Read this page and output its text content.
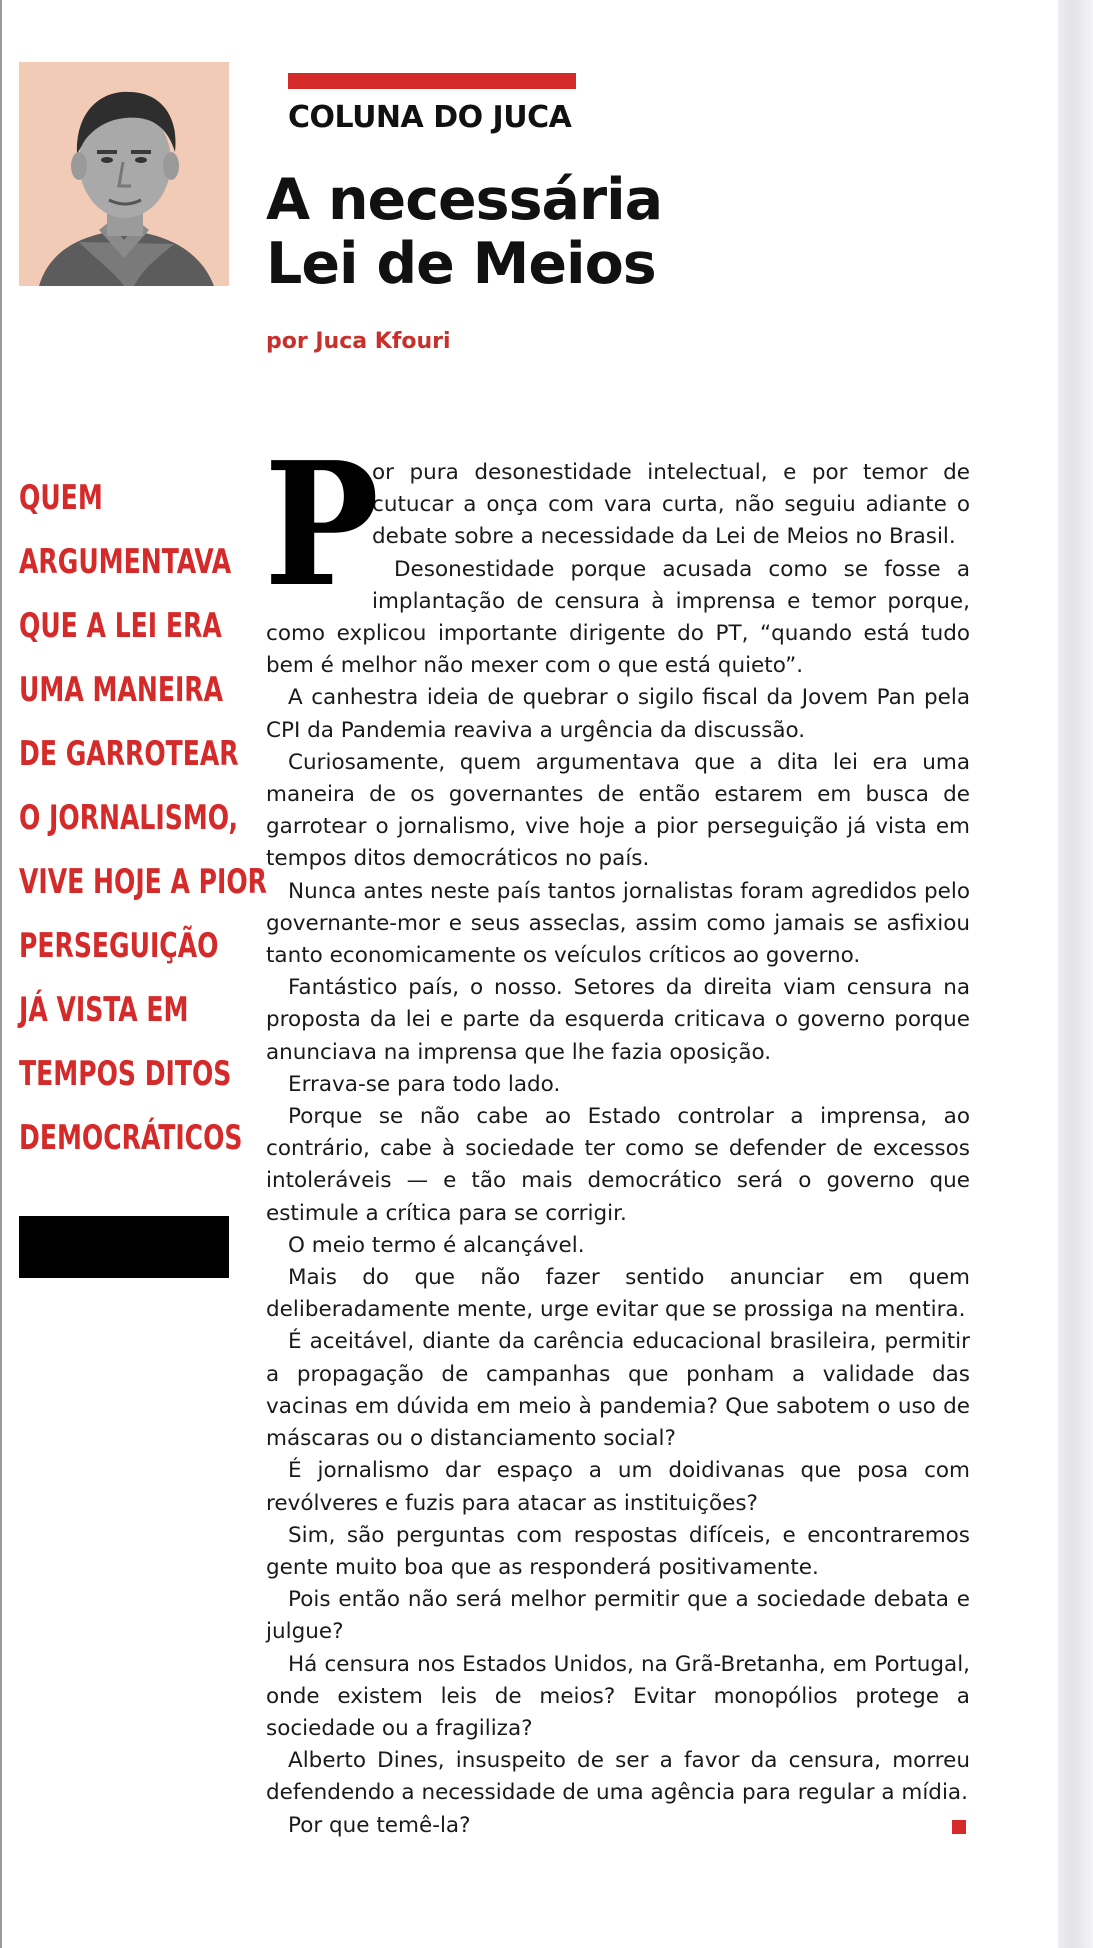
COLUNA DO JUCA
A necessária
Lei de Meios
por Juca Kfouri
QUEM
ARGUMENTAVA
QUE A LEI ERA
UMA MANEIRA
DE GARROTEAR
O JORNALISMO,
VIVE HOJE A PIOR
PERSEGUIÇÃO
JÁ VISTA EM
TEMPOS DITOS
DEMOCRÁTICOS
P

or pura desonestidade intelectual, e por temor de cutucar a onça com vara curta, não seguiu adiante o debate sobre a necessidade da Lei de Meios no Brasil.

Desonestidade porque acusada como se fosse a implantação de censura à imprensa e temor porque, como explicou importante dirigente do PT, “quando está tudo bem é melhor não mexer com o que está quieto”.

A canhestra ideia de quebrar o sigilo fiscal da Jovem Pan pela CPI da Pandemia reaviva a urgência da discussão.

Curiosamente, quem argumentava que a dita lei era uma maneira de os governantes de então estarem em busca de garrotear o jornalismo, vive hoje a pior perseguição já vista em tempos ditos democráticos no país.

Nunca antes neste país tantos jornalistas foram agredidos pelo governante-mor e seus asseclas, assim como jamais se asfixiou tanto economicamente os veículos críticos ao governo.

Fantástico país, o nosso. Setores da direita viam censura na proposta da lei e parte da esquerda criticava o governo porque anunciava na imprensa que lhe fazia oposição.

Errava-se para todo lado.

Porque se não cabe ao Estado controlar a imprensa, ao contrário, cabe à sociedade ter como se defender de excessos intoleráveis — e tão mais democrático será o governo que estimule a crítica para se corrigir.

O meio termo é alcançável.

Mais do que não fazer sentido anunciar em quem deliberadamente mente, urge evitar que se prossiga na mentira.

É aceitável, diante da carência educacional brasileira, permitir a propagação de campanhas que ponham a validade das vacinas em dúvida em meio à pandemia? Que sabotem o uso de máscaras ou o distanciamento social?

É jornalismo dar espaço a um doidivanas que posa com revólveres e fuzis para atacar as instituições?

Sim, são perguntas com respostas difíceis, e encontraremos gente muito boa que as responderá positivamente.

Pois então não será melhor permitir que a sociedade debata e julgue?

Há censura nos Estados Unidos, na Grã-Bretanha, em Portugal, onde existem leis de meios? Evitar monopólios protege a sociedade ou a fragiliza?

Alberto Dines, insuspeito de ser a favor da censura, morreu defendendo a necessidade de uma agência para regular a mídia.

Por que temê-la?
